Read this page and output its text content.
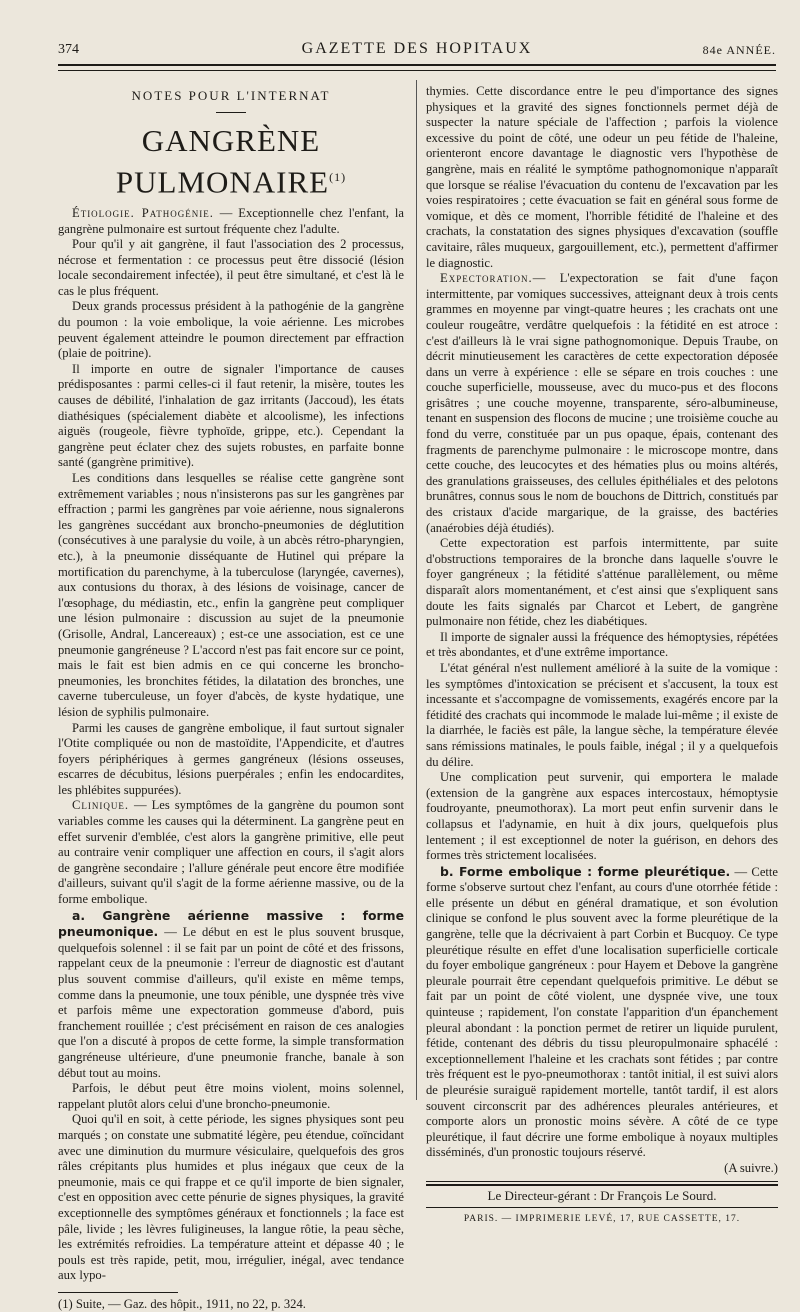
374	GAZETTE DES HOPITAUX	84e ANNÉE.
NOTES POUR L'INTERNAT
GANGRÈNE PULMONAIRE$^{(1)}$

Étiologie. Pathogénie. — Exceptionnelle chez l'enfant, la gangrène pulmonaire est surtout fréquente chez l'adulte.

Pour qu'il y ait gangrène, il faut l'association des 2 processus, nécrose et fermentation : ce processus peut être dissocié (lésion locale secondairement infectée), il peut être simultané, et c'est là le cas le plus fréquent.

Deux grands processus président à la pathogénie de la gangrène du poumon : la voie embolique, la voie aérienne. Les microbes peuvent également atteindre le poumon directement par effraction (plaie de poitrine).

Il importe en outre de signaler l'importance de causes prédisposantes : parmi celles-ci il faut retenir, la misère, toutes les causes de débilité, l'inhalation de gaz irritants (Jaccoud), les états diathésiques (spécialement diabète et alcoolisme), les infections aiguës (rougeole, fièvre typhoïde, grippe, etc.). Cependant la gangrène peut éclater chez des sujets robustes, en parfaite bonne santé (gangrène primitive).

Les conditions dans lesquelles se réalise cette gangrène sont extrêmement variables ; nous n'insisterons pas sur les gangrènes par effraction ; parmi les gangrènes par voie aérienne, nous signalerons les gangrènes succédant aux broncho-pneumonies de déglutition (consécutives à une paralysie du voile, à un abcès rétro-pharyngien, etc.), à la pneumonie disséquante de Hutinel qui prépare la mortification du parenchyme, à la tuberculose (laryngée, cavernes), aux contusions du thorax, à des lésions de voisinage, cancer de l'œsophage, du médiastin, etc., enfin la gangrène peut compliquer une lésion pulmonaire : discussion au sujet de la pneumonie (Grisolle, Andral, Lancereaux) ; est-ce une association, est ce une pneumonie gangréneuse ? L'accord n'est pas fait encore sur ce point, mais le fait est bien admis en ce qui concerne les broncho-pneumonies, les bronchites fétides, la dilatation des bronches, une caverne tuberculeuse, un foyer d'abcès, de kyste hydatique, une lésion de syphilis pulmonaire.

Parmi les causes de gangrène embolique, il faut surtout signaler l'Otite compliquée ou non de mastoïdite, l'Appendicite, et d'autres foyers périphériques à germes gangréneux (lésions osseuses, escarres de décubitus, lésions puerpérales ; enfin les endocardites, les phlébites suppurées).

Clinique. — Les symptômes de la gangrène du poumon sont variables comme les causes qui la déterminent. La gangrène peut en effet survenir d'emblée, c'est alors la gangrène primitive, elle peut au contraire venir compliquer une affection en cours, il s'agit alors de gangrène secondaire ; l'allure générale peut encore être modifiée d'ailleurs, suivant qu'il s'agit de la forme aérienne massive, ou de la forme embolique.

a. Gangrène aérienne massive : forme pneumonique. — Le début en est le plus souvent brusque, quelquefois solennel : il se fait par un point de côté et des frissons, rappelant ceux de la pneumonie : l'erreur de diagnostic est d'autant plus souvent commise d'ailleurs, qu'il existe en même temps, comme dans la pneumonie, une toux pénible, une dyspnée très vive et parfois même une expectoration gommeuse d'abord, puis franchement rouillée ; c'est précisément en raison de ces analogies que l'on a discuté à propos de cette forme, la simple transformation gangréneuse ultérieure, d'une pneumonie franche, banale à son début tout au moins.

Parfois, le début peut être moins violent, moins solennel, rappelant plutôt alors celui d'une broncho-pneumonie.

Quoi qu'il en soit, à cette période, les signes physiques sont peu marqués ; on constate une submatité légère, peu étendue, coïncidant avec une diminution du murmure vésiculaire, quelquefois des gros râles crépitants plus humides et plus inégaux que ceux de la pneumonie, mais ce qui frappe et ce qu'il importe de bien signaler, c'est en opposition avec cette pénurie de signes physiques, la gravité exceptionnelle des symptômes généraux et fonctionnels ; la face est pâle, livide ; les lèvres fuligineuses, la langue rôtie, la peau sèche, les extrémités refroidies. La température atteint et dépasse 40 ; le pouls est très rapide, petit, mou, irrégulier, inégal, avec tendance aux lypo-

(1) Suite, — Gaz. des hôpit., 1911, no 22, p. 324.

thymies. Cette discordance entre le peu d'importance des signes physiques et la gravité des signes fonctionnels permet déjà de suspecter la nature spéciale de l'affection ; parfois la violence excessive du point de côté, une odeur un peu fétide de l'haleine, orienteront encore davantage le diagnostic vers l'hypothèse de gangrène, mais en réalité le symptôme pathognomonique n'apparaît que lorsque se réalise l'évacuation du contenu de l'excavation par les voies respiratoires ; cette évacuation se fait en général sous forme de vomique, et dès ce moment, l'horrible fétidité de l'haleine et des crachats, la constatation des signes physiques d'excavation (souffle cavitaire, râles muqueux, gargouillement, etc.), permettent d'affirmer le diagnostic.

Expectoration.— L'expectoration se fait d'une façon intermittente, par vomiques successives, atteignant deux à trois cents grammes en moyenne par vingt-quatre heures ; les crachats ont une couleur rougeâtre, verdâtre quelquefois : la fétidité en est atroce : c'est d'ailleurs là le vrai signe pathognomonique. Depuis Traube, on décrit minutieusement les caractères de cette expectoration déposée dans un verre à expérience : elle se sépare en trois couches : une couche superficielle, mousseuse, avec du muco-pus et des flocons grisâtres ; une couche moyenne, transparente, séro-albumineuse, tenant en suspension des flocons de mucine ; une troisième couche au fond du verre, constituée par un pus opaque, épais, contenant des fragments de parenchyme pulmonaire : le microscope montre, dans cette couche, des leucocytes et des hématies plus ou moins altérés, des granulations graisseuses, des cellules épithéliales et des pelotons brunâtres, connus sous le nom de bouchons de Dittrich, constitués par des cristaux d'acide margarique, de la graisse, des bactéries (anaérobies déjà étudiés).

Cette expectoration est parfois intermittente, par suite d'obstructions temporaires de la bronche dans laquelle s'ouvre le foyer gangréneux ; la fétidité s'atténue parallèlement, ou même disparaît alors momentanément, et c'est ainsi que s'expliquent sans doute les faits signalés par Charcot et Lebert, de gangrène pulmonaire non fétide, chez les diabétiques.

Il importe de signaler aussi la fréquence des hémoptysies, répétées et très abondantes, et d'une extrême importance.

L'état général n'est nullement amélioré à la suite de la vomique : les symptômes d'intoxication se précisent et s'accusent, la toux est incessante et s'accompagne de vomissements, exagérés encore par la fétidité des crachats qui incommode le malade lui-même ; il existe de la diarrhée, le faciès est pâle, la langue sèche, la température élevée sans rémissions matinales, le pouls faible, inégal ; il y a quelquefois du délire.

Une complication peut survenir, qui emportera le malade (extension de la gangrène aux espaces intercostaux, hémoptysie foudroyante, pneumothorax). La mort peut enfin survenir dans le collapsus et l'adynamie, en huit à dix jours, quelquefois plus lentement ; il est exceptionnel de noter la guérison, en dehors des formes très strictement localisées.

b. Forme embolique : forme pleurétique. — Cette forme s'observe surtout chez l'enfant, au cours d'une otorrhée fétide : elle présente un début en général dramatique, et son évolution clinique se confond le plus souvent avec la forme pleurétique de la gangrène, telle que la décrivaient à part Corbin et Bucquoy. Ce type pleurétique résulte en effet d'une localisation superficielle corticale du foyer embolique gangréneux : pour Hayem et Debove la gangrène pleurale pourrait être cependant quelquefois primitive. Le début se fait par un point de côté violent, une dyspnée vive, une toux quinteuse ; rapidement, l'on constate l'apparition d'un épanchement pleural abondant : la ponction permet de retirer un liquide purulent, fétide, contenant des débris du tissu pleuropulmonaire sphacélé : exceptionnellement l'haleine et les crachats sont fétides ; par contre très fréquent est le pyo-pneumothorax : tantôt initial, il est suivi alors de pleurésie suraiguë rapidement mortelle, tantôt tardif, il est alors souvent circonscrit par des adhérences pleurales antérieures, et comporte alors un pronostic moins sévère. A côté de ce type pleurétique, il faut décrire une forme embolique à noyaux multiples disséminés, d'un pronostic toujours réservé.

(A suivre.)

Le Directeur-gérant : Dr François Le Sourd.
PARIS. — IMPRIMERIE LEVÉ, 17, RUE CASSETTE, 17.
